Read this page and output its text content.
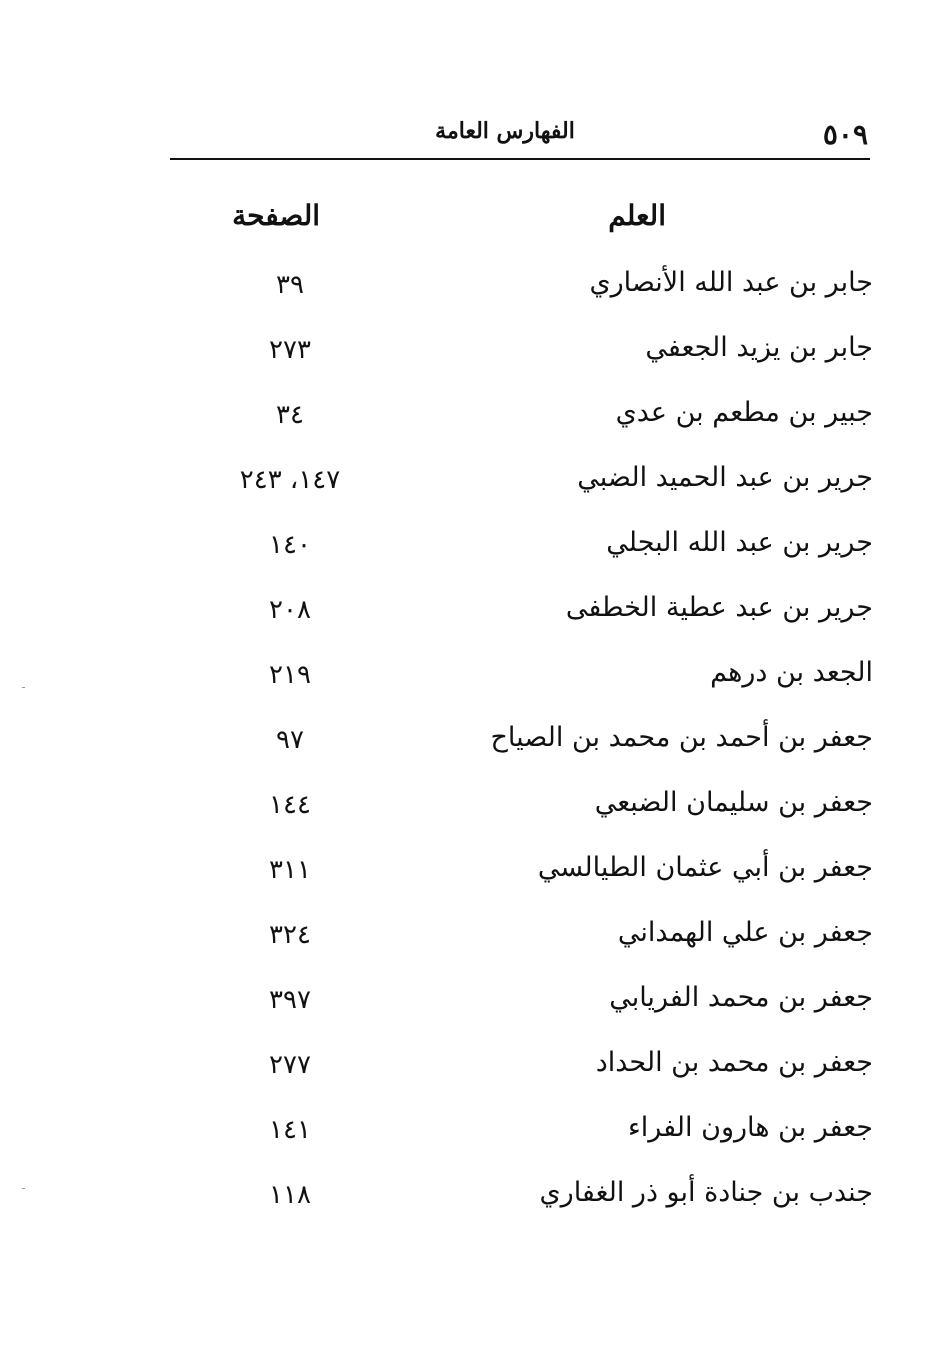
٥٠٩
الفهارس العامة
العلم
الصفحة
جابر بن عبد الله الأنصاري
٣٩
جابر بن يزيد الجعفي
٢٧٣
جبير بن مطعم بن عدي
٣٤
جرير بن عبد الحميد الضبي
١٤٧، ٢٤٣
جرير بن عبد الله البجلي
١٤٠
جرير بن عبد عطية الخطفى
٢٠٨
الجعد بن درهم
٢١٩
جعفر بن أحمد بن محمد بن الصياح
٩٧
جعفر بن سليمان الضبعي
١٤٤
جعفر بن أبي عثمان الطيالسي
٣١١
جعفر بن علي الهمداني
٣٢٤
جعفر بن محمد الفريابي
٣٩٧
جعفر بن محمد بن الحداد
٢٧٧
جعفر بن هارون الفراء
١٤١
جندب بن جنادة أبو ذر الغفاري
١١٨
